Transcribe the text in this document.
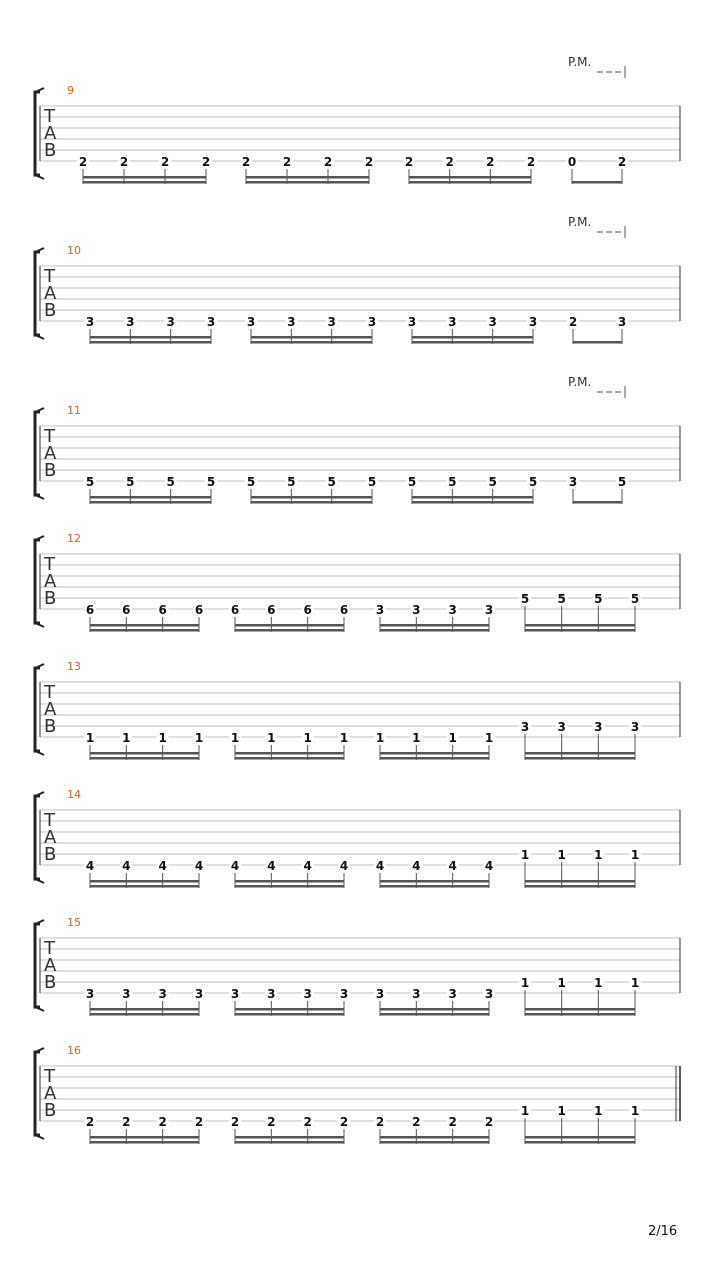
T
A
B
9
P.M.
2	2	2	2	2	2	2	2	2	2	2	2	0	2
T
A
B
10
P.M.
3	3	3	3	3	3	3	3	3	3	3	3	2	3
T
A
B
11
P.M.
5	5	5	5	5	5	5	5	5	5	5	5	3	5
T
A
B
12
6 6 6 6 6 6 6 6 3 3 3 3
5 5 5 5
T
A
B
13
1 1 1 1 1 1 1 1 1 1 1 1
3 3 3 3
T
A
B
14
4 4 4 4 4 4 4 4 4 4 4 4
1 1 1 1
T
A
B
15
3 3 3 3 3 3 3 3 3 3 3 3
1 1 1 1
T
A
B
16
2 2 2 2 2 2 2 2 2 2 2 2
1 1 1 1
2/16
